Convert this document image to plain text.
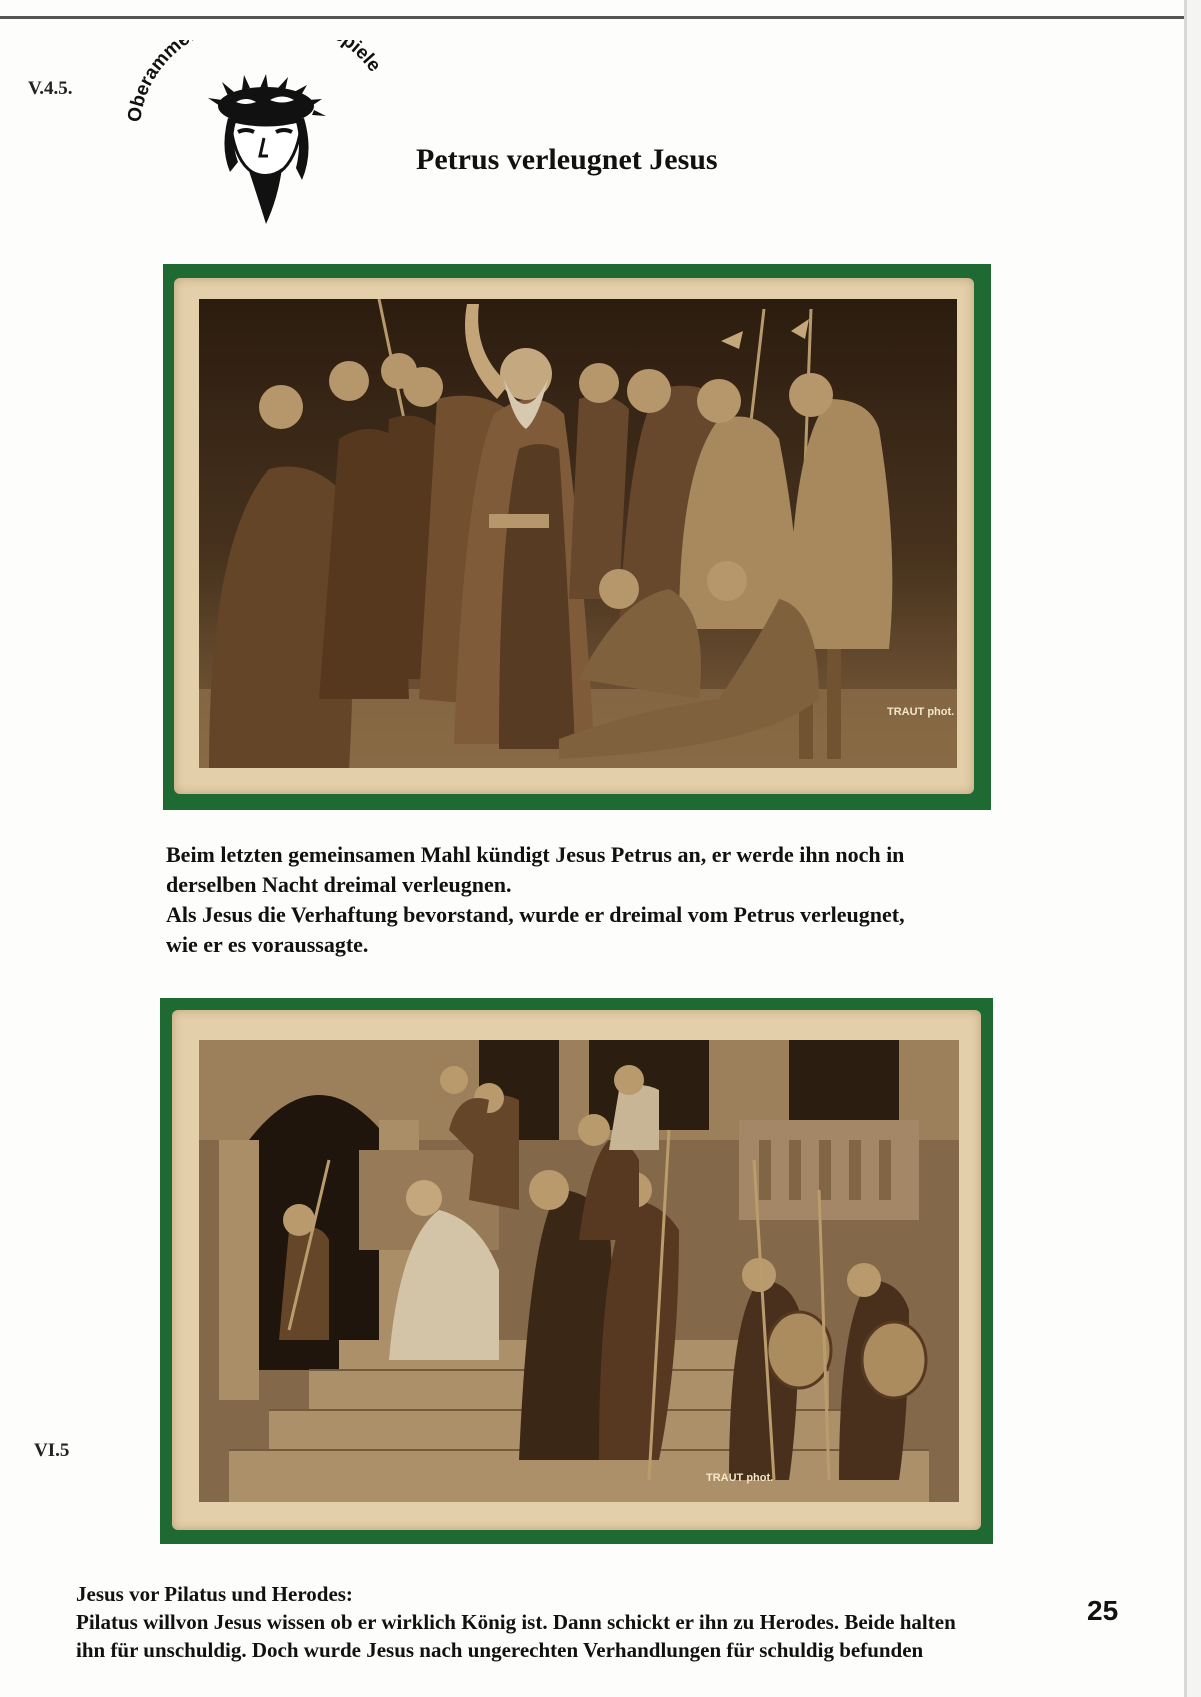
V.4.5.
Oberamm piele
Petrus verleugnet Jesus
TRAUT phot.
Beim letzten gemeinsamen Mahl kündigt Jesus Petrus an, er werde ihn noch in
derselben Nacht dreimal verleugnen.
Als Jesus die Verhaftung bevorstand, wurde er dreimal vom Petrus verleugnet,
wie er es voraussagte.
TRAUT phot.
VI.5
Jesus vor Pilatus und Herodes:
Pilatus willvon Jesus wissen ob er wirklich König ist. Dann schickt er ihn zu Herodes. Beide halten
ihn für unschuldig. Doch wurde Jesus nach ungerechten Verhandlungen für schuldig befunden
25
